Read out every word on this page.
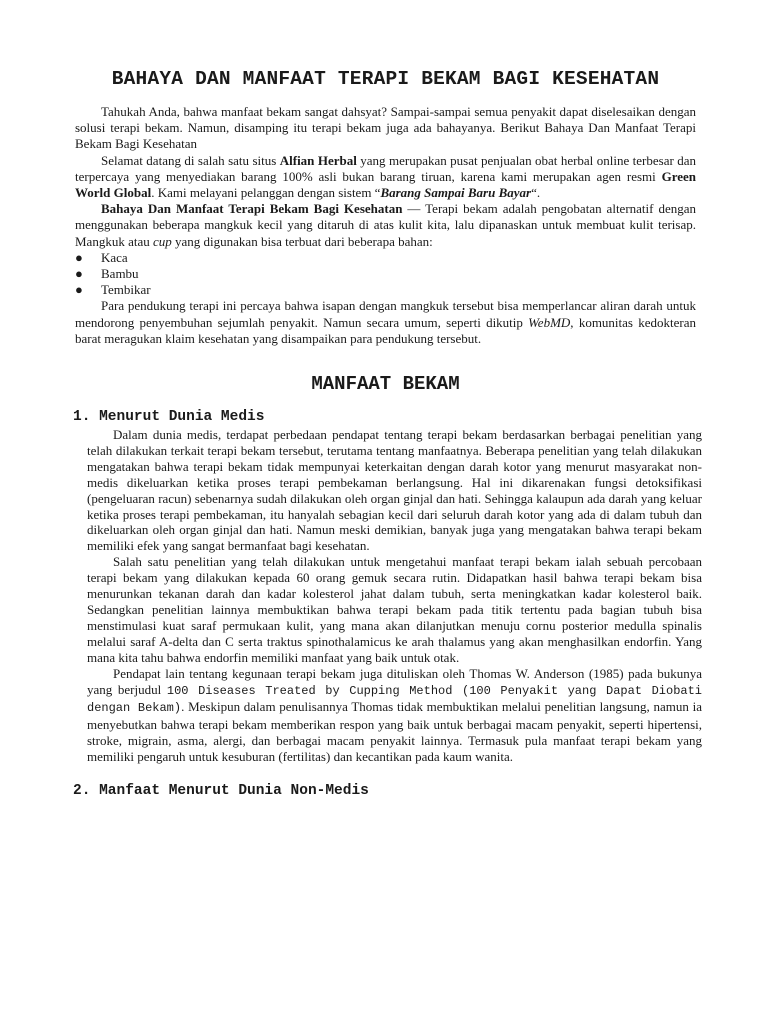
BAHAYA DAN MANFAAT TERAPI BEKAM BAGI KESEHATAN

Tahukah Anda, bahwa manfaat bekam sangat dahsyat? Sampai-sampai semua penyakit dapat diselesaikan dengan solusi terapi bekam. Namun, disamping itu terapi bekam juga ada bahayanya. Berikut Bahaya Dan Manfaat Terapi Bekam Bagi Kesehatan

Selamat datang di salah satu situs Alfian Herbal yang merupakan pusat penjualan obat herbal online terbesar dan terpercaya yang menyediakan barang 100% asli bukan barang tiruan, karena kami merupakan agen resmi Green World Global. Kami melayani pelanggan dengan sistem “Barang Sampai Baru Bayar“.

Bahaya Dan Manfaat Terapi Bekam Bagi Kesehatan — Terapi bekam adalah pengobatan alternatif dengan menggunakan beberapa mangkuk kecil yang ditaruh di atas kulit kita, lalu dipanaskan untuk membuat kulit terisap. Mangkuk atau cup yang digunakan bisa terbuat dari beberapa bahan:

● Kaca
● Bambu
● Tembikar

Para pendukung terapi ini percaya bahwa isapan dengan mangkuk tersebut bisa memperlancar aliran darah untuk mendorong penyembuhan sejumlah penyakit. Namun secara umum, seperti dikutip WebMD, komunitas kedokteran barat meragukan klaim kesehatan yang disampaikan para pendukung tersebut.

MANFAAT BEKAM
1. Menurut Dunia Medis

Dalam dunia medis, terdapat perbedaan pendapat tentang terapi bekam berdasarkan berbagai penelitian yang telah dilakukan terkait terapi bekam tersebut, terutama tentang manfaatnya. Beberapa penelitian yang telah dilakukan mengatakan bahwa terapi bekam tidak mempunyai keterkaitan dengan darah kotor yang menurut masyarakat non-medis dikeluarkan ketika proses terapi pembekaman berlangsung. Hal ini dikarenakan fungsi detoksifikasi (pengeluaran racun) sebenarnya sudah dilakukan oleh organ ginjal dan hati. Sehingga kalaupun ada darah yang keluar ketika proses terapi pembekaman, itu hanyalah sebagian kecil dari seluruh darah kotor yang ada di dalam tubuh dan dikeluarkan oleh organ ginjal dan hati. Namun meski demikian, banyak juga yang mengatakan bahwa terapi bekam memiliki efek yang sangat bermanfaat bagi kesehatan.

Salah satu penelitian yang telah dilakukan untuk mengetahui manfaat terapi bekam ialah sebuah percobaan terapi bekam yang dilakukan kepada 60 orang gemuk secara rutin. Didapatkan hasil bahwa terapi bekam bisa menurunkan tekanan darah dan kadar kolesterol jahat dalam tubuh, serta meningkatkan kadar kolesterol baik. Sedangkan penelitian lainnya membuktikan bahwa terapi bekam pada titik tertentu pada bagian tubuh bisa menstimulasi kuat saraf permukaan kulit, yang mana akan dilanjutkan menuju cornu posterior medulla spinalis melalui saraf A-delta dan C serta traktus spinothalamicus ke arah thalamus yang akan menghasilkan endorfin. Yang mana kita tahu bahwa endorfin memiliki manfaat yang baik untuk otak.

Pendapat lain tentang kegunaan terapi bekam juga dituliskan oleh Thomas W. Anderson (1985) pada bukunya yang berjudul 100 Diseases Treated by Cupping Method (100 Penyakit yang Dapat Diobati dengan Bekam). Meskipun dalam penulisannya Thomas tidak membuktikan melalui penelitian langsung, namun ia menyebutkan bahwa terapi bekam memberikan respon yang baik untuk berbagai macam penyakit, seperti hipertensi, stroke, migrain, asma, alergi, dan berbagai macam penyakit lainnya. Termasuk pula manfaat terapi bekam yang memiliki pengaruh untuk kesuburan (fertilitas) dan kecantikan pada kaum wanita.

2. Manfaat Menurut Dunia Non-Medis
